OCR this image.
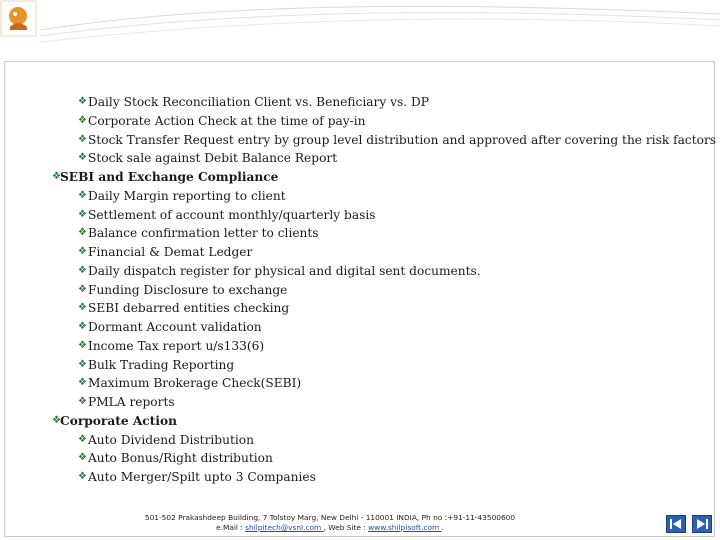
❖ Daily Stock Reconciliation Client vs. Beneficiary vs. DP
❖ Corporate Action Check at the time of pay-in
❖ Stock Transfer Request entry by group level distribution and approved after covering the risk factors
❖ Stock sale against Debit Balance Report
❖ SEBI and Exchange Compliance
❖ Daily Margin reporting to client
❖ Settlement of account monthly/quarterly basis
❖ Balance confirmation letter to clients
❖ Financial & Demat Ledger
❖ Daily dispatch register for physical and digital sent documents.
❖ Funding Disclosure to exchange
❖ SEBI debarred entities checking
❖ Dormant Account validation
❖ Income Tax report u/s133(6)
❖ Bulk Trading Reporting
❖ Maximum Brokerage Check(SEBI)
❖ PMLA reports
❖ Corporate Action
❖ Auto Dividend Distribution
❖ Auto Bonus/Right distribution
❖ Auto Merger/Spilt upto 3 Companies
501-502 Prakashdeep Building, 7 Tolstoy Marg, New Delhi - 110001 INDIA, Ph no :+91-11-43500600
e.Mail : shilpitech@vsnl.com , Web Site : www.shilpisoft.com .
